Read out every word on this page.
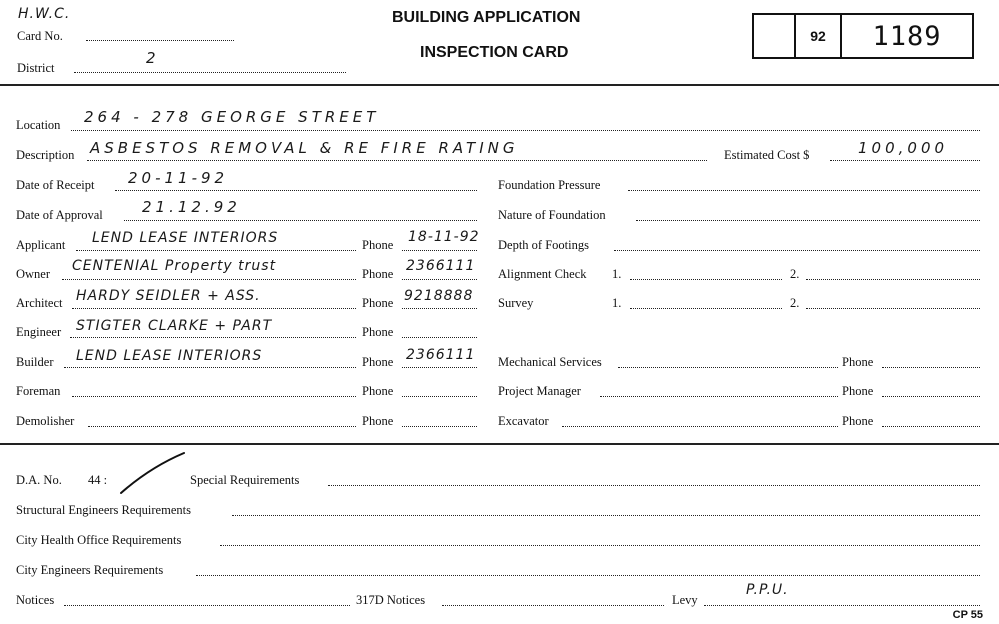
H.W.C.
Card No.
District
2
BUILDING APPLICATION
INSPECTION CARD
92	1189
Location 264 - 278 GEORGE STREET
Description ASBESTOS REMOVAL & RE FIRE RATING	Estimated Cost $	100,000
Date of Receipt 20-11-92
Date of Approval	21.12.92
Applicant LEND LEASE INTERIORS	Phone 18-11-92
Owner CENTENIAL Property trust	Phone 2366111
Architect HARDY SEIDLER + ASS.	Phone 9218888
Engineer STIGTER CLARKE + PART	Phone
Builder LEND LEASE INTERIORS	Phone 2366111
Foreman	Phone
Demolisher	Phone
Foundation Pressure
Nature of Foundation
Depth of Footings
Alignment Check 1.	2.
Survey	1.	2.
Mechanical Services	Phone
Project Manager	Phone
Excavator	Phone
D.A. No. 44 :	Special Requirements
Structural Engineers Requirements
City Health Office Requirements
City Engineers Requirements
Notices	317D Notices	Levy
P.P.U.
CP 55
